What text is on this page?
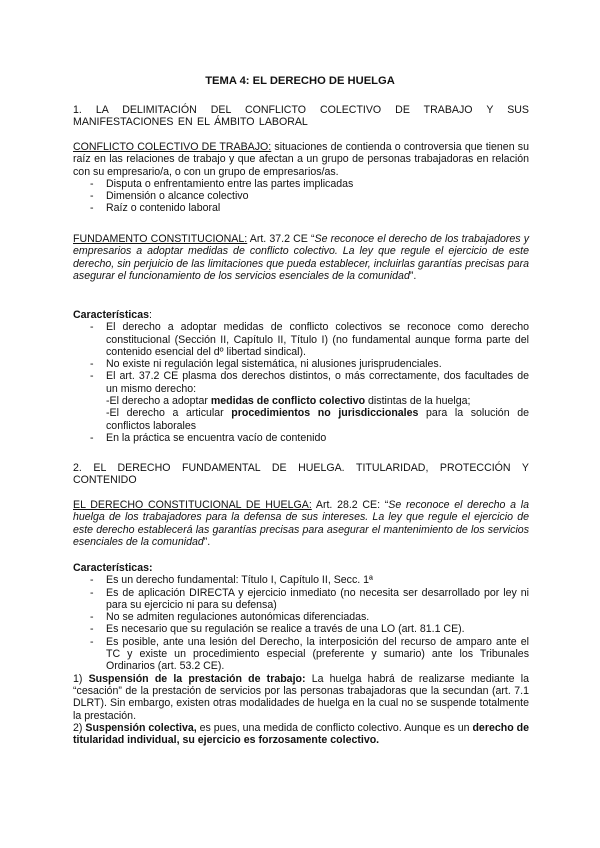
TEMA 4: EL DERECHO DE HUELGA
1. LA DELIMITACIÓN DEL CONFLICTO COLECTIVO DE TRABAJO Y SUS MANIFESTACIONES EN EL ÁMBITO LABORAL

CONFLICTO COLECTIVO DE TRABAJO: situaciones de contienda o controversia que tienen su raíz en las relaciones de trabajo y que afectan a un grupo de personas trabajadoras en relación con su empresario/a, o con un grupo de empresarios/as.

- Disputa o enfrentamiento entre las partes implicadas
- Dimensión o alcance colectivo
- Raíz o contenido laboral

FUNDAMENTO CONSTITUCIONAL: Art. 37.2 CE “Se reconoce el derecho de los trabajadores y empresarios a adoptar medidas de conflicto colectivo. La ley que regule el ejercicio de este derecho, sin perjuicio de las limitaciones que pueda establecer, incluirlas garantías precisas para asegurar el funcionamiento de los servicios esenciales de la comunidad”.

Características:

- El derecho a adoptar medidas de conflicto colectivos se reconoce como derecho constitucional (Sección II, Capítulo II, Título I) (no fundamental aunque forma parte del contenido esencial del dº libertad sindical).
- No existe ni regulación legal sistemática, ni alusiones jurisprudenciales.
- El art. 37.2 CE plasma dos derechos distintos, o más correctamente, dos facultades de un mismo derecho:
-El derecho a adoptar medidas de conflicto colectivo distintas de la huelga;
-El derecho a articular procedimientos no jurisdiccionales para la solución de conflictos laborales
- En la práctica se encuentra vacío de contenido
2. EL DERECHO FUNDAMENTAL DE HUELGA. TITULARIDAD, PROTECCIÓN Y CONTENIDO

EL DERECHO CONSTITUCIONAL DE HUELGA: Art. 28.2 CE: “Se reconoce el derecho a la huelga de los trabajadores para la defensa de sus intereses. La ley que regule el ejercicio de este derecho establecerá las garantías precisas para asegurar el mantenimiento de los servicios esenciales de la comunidad”.

Características:

- Es un derecho fundamental: Título I, Capítulo II, Secc. 1ª
- Es de aplicación DIRECTA y ejercicio inmediato (no necesita ser desarrollado por ley ni para su ejercicio ni para su defensa)
- No se admiten regulaciones autonómicas diferenciadas.
- Es necesario que su regulación se realice a través de una LO (art. 81.1 CE).
- Es posible, ante una lesión del Derecho, la interposición del recurso de amparo ante el TC y existe un procedimiento especial (preferente y sumario) ante los Tribunales Ordinarios (art. 53.2 CE).

1) Suspensión de la prestación de trabajo: La huelga habrá de realizarse mediante la “cesación” de la prestación de servicios por las personas trabajadoras que la secundan (art. 7.1 DLRT). Sin embargo, existen otras modalidades de huelga en la cual no se suspende totalmente la prestación.

2) Suspensión colectiva, es pues, una medida de conflicto colectivo. Aunque es un derecho de titularidad individual, su ejercicio es forzosamente colectivo.
